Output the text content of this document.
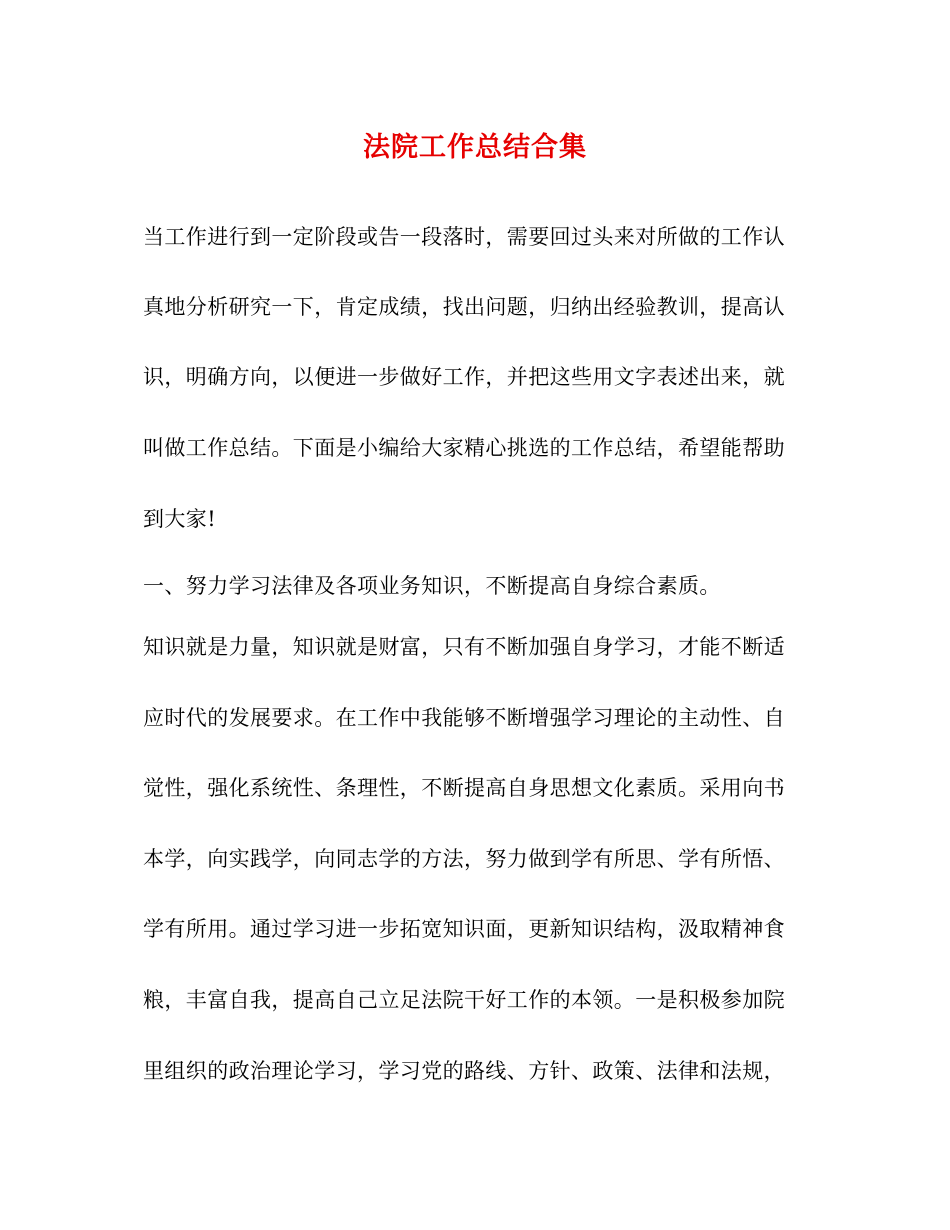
法院工作总结合集

当工作进行到一定阶段或告一段落时，需要回过头来对所做的工作认

真地分析研究一下，肯定成绩，找出问题，归纳出经验教训，提高认

识，明确方向，以便进一步做好工作，并把这些用文字表述出来，就

叫做工作总结。下面是小编给大家精心挑选的工作总结，希望能帮助

到大家!

一、努力学习法律及各项业务知识，不断提高自身综合素质。

知识就是力量，知识就是财富，只有不断加强自身学习，才能不断适

应时代的发展要求。在工作中我能够不断增强学习理论的主动性、自

觉性，强化系统性、条理性，不断提高自身思想文化素质。采用向书

本学，向实践学，向同志学的方法，努力做到学有所思、学有所悟、

学有所用。通过学习进一步拓宽知识面，更新知识结构，汲取精神食

粮，丰富自我，提高自己立足法院干好工作的本领。一是积极参加院

里组织的政治理论学习，学习党的路线、方针、政策、法律和法规，
